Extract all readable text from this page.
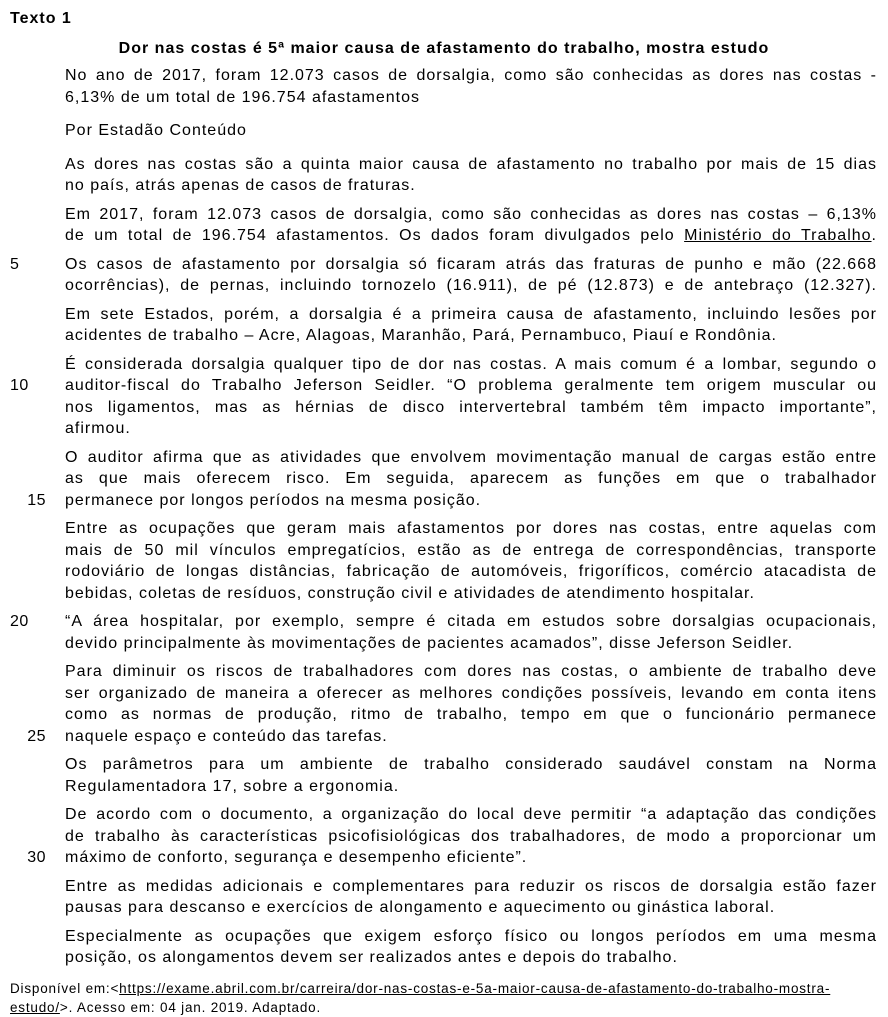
Texto 1
Dor nas costas é 5ª maior causa de afastamento do trabalho, mostra estudo
No ano de 2017, foram 12.073 casos de dorsalgia, como são conhecidas as dores nas costas -
6,13% de um total de 196.754 afastamentos
Por Estadão Conteúdo
As dores nas costas são a quinta maior causa de afastamento no trabalho por mais de 15 dias
no país, atrás apenas de casos de fraturas.
Em 2017, foram 12.073 casos de dorsalgia, como são conhecidas as dores nas costas – 6,13%
de um total de 196.754 afastamentos. Os dados foram divulgados pelo Ministério do Trabalho.
Os casos de afastamento por dorsalgia só ficaram atrás das fraturas de punho e mão (22.668
5
ocorrências), de pernas, incluindo tornozelo (16.911), de pé (12.873) e de antebraço (12.327).
Em sete Estados, porém, a dorsalgia é a primeira causa de afastamento, incluindo lesões por
acidentes de trabalho – Acre, Alagoas, Maranhão, Pará, Pernambuco, Piauí e Rondônia.
É considerada dorsalgia qualquer tipo de dor nas costas. A mais comum é a lombar, segundo o
auditor-fiscal do Trabalho Jeferson Seidler. “O problema geralmente tem origem muscular ou
10
nos ligamentos, mas as hérnias de disco intervertebral também têm impacto importante”,
afirmou.
O auditor afirma que as atividades que envolvem movimentação manual de cargas estão entre
as que mais oferecem risco. Em seguida, aparecem as funções em que o trabalhador
permanece por longos períodos na mesma posição.
15
Entre as ocupações que geram mais afastamentos por dores nas costas, entre aquelas com
mais de 50 mil vínculos empregatícios, estão as de entrega de correspondências, transporte
rodoviário de longas distâncias, fabricação de automóveis, frigoríficos, comércio atacadista de
bebidas, coletas de resíduos, construção civil e atividades de atendimento hospitalar.
“A área hospitalar, por exemplo, sempre é citada em estudos sobre dorsalgias ocupacionais,
20
devido principalmente às movimentações de pacientes acamados”, disse Jeferson Seidler.
Para diminuir os riscos de trabalhadores com dores nas costas, o ambiente de trabalho deve
ser organizado de maneira a oferecer as melhores condições possíveis, levando em conta itens
como as normas de produção, ritmo de trabalho, tempo em que o funcionário permanece
naquele espaço e conteúdo das tarefas.
25
Os parâmetros para um ambiente de trabalho considerado saudável constam na Norma
Regulamentadora 17, sobre a ergonomia.
De acordo com o documento, a organização do local deve permitir “a adaptação das condições
de trabalho às características psicofisiológicas dos trabalhadores, de modo a proporcionar um
máximo de conforto, segurança e desempenho eficiente”.
30
Entre as medidas adicionais e complementares para reduzir os riscos de dorsalgia estão fazer
pausas para descanso e exercícios de alongamento e aquecimento ou ginástica laboral.
Especialmente as ocupações que exigem esforço físico ou longos períodos em uma mesma
posição, os alongamentos devem ser realizados antes e depois do trabalho.
Disponível em:<https://exame.abril.com.br/carreira/dor-nas-costas-e-5a-maior-causa-de-afastamento-do-trabalho-mostra-
estudo/>. Acesso em: 04 jan. 2019. Adaptado.
